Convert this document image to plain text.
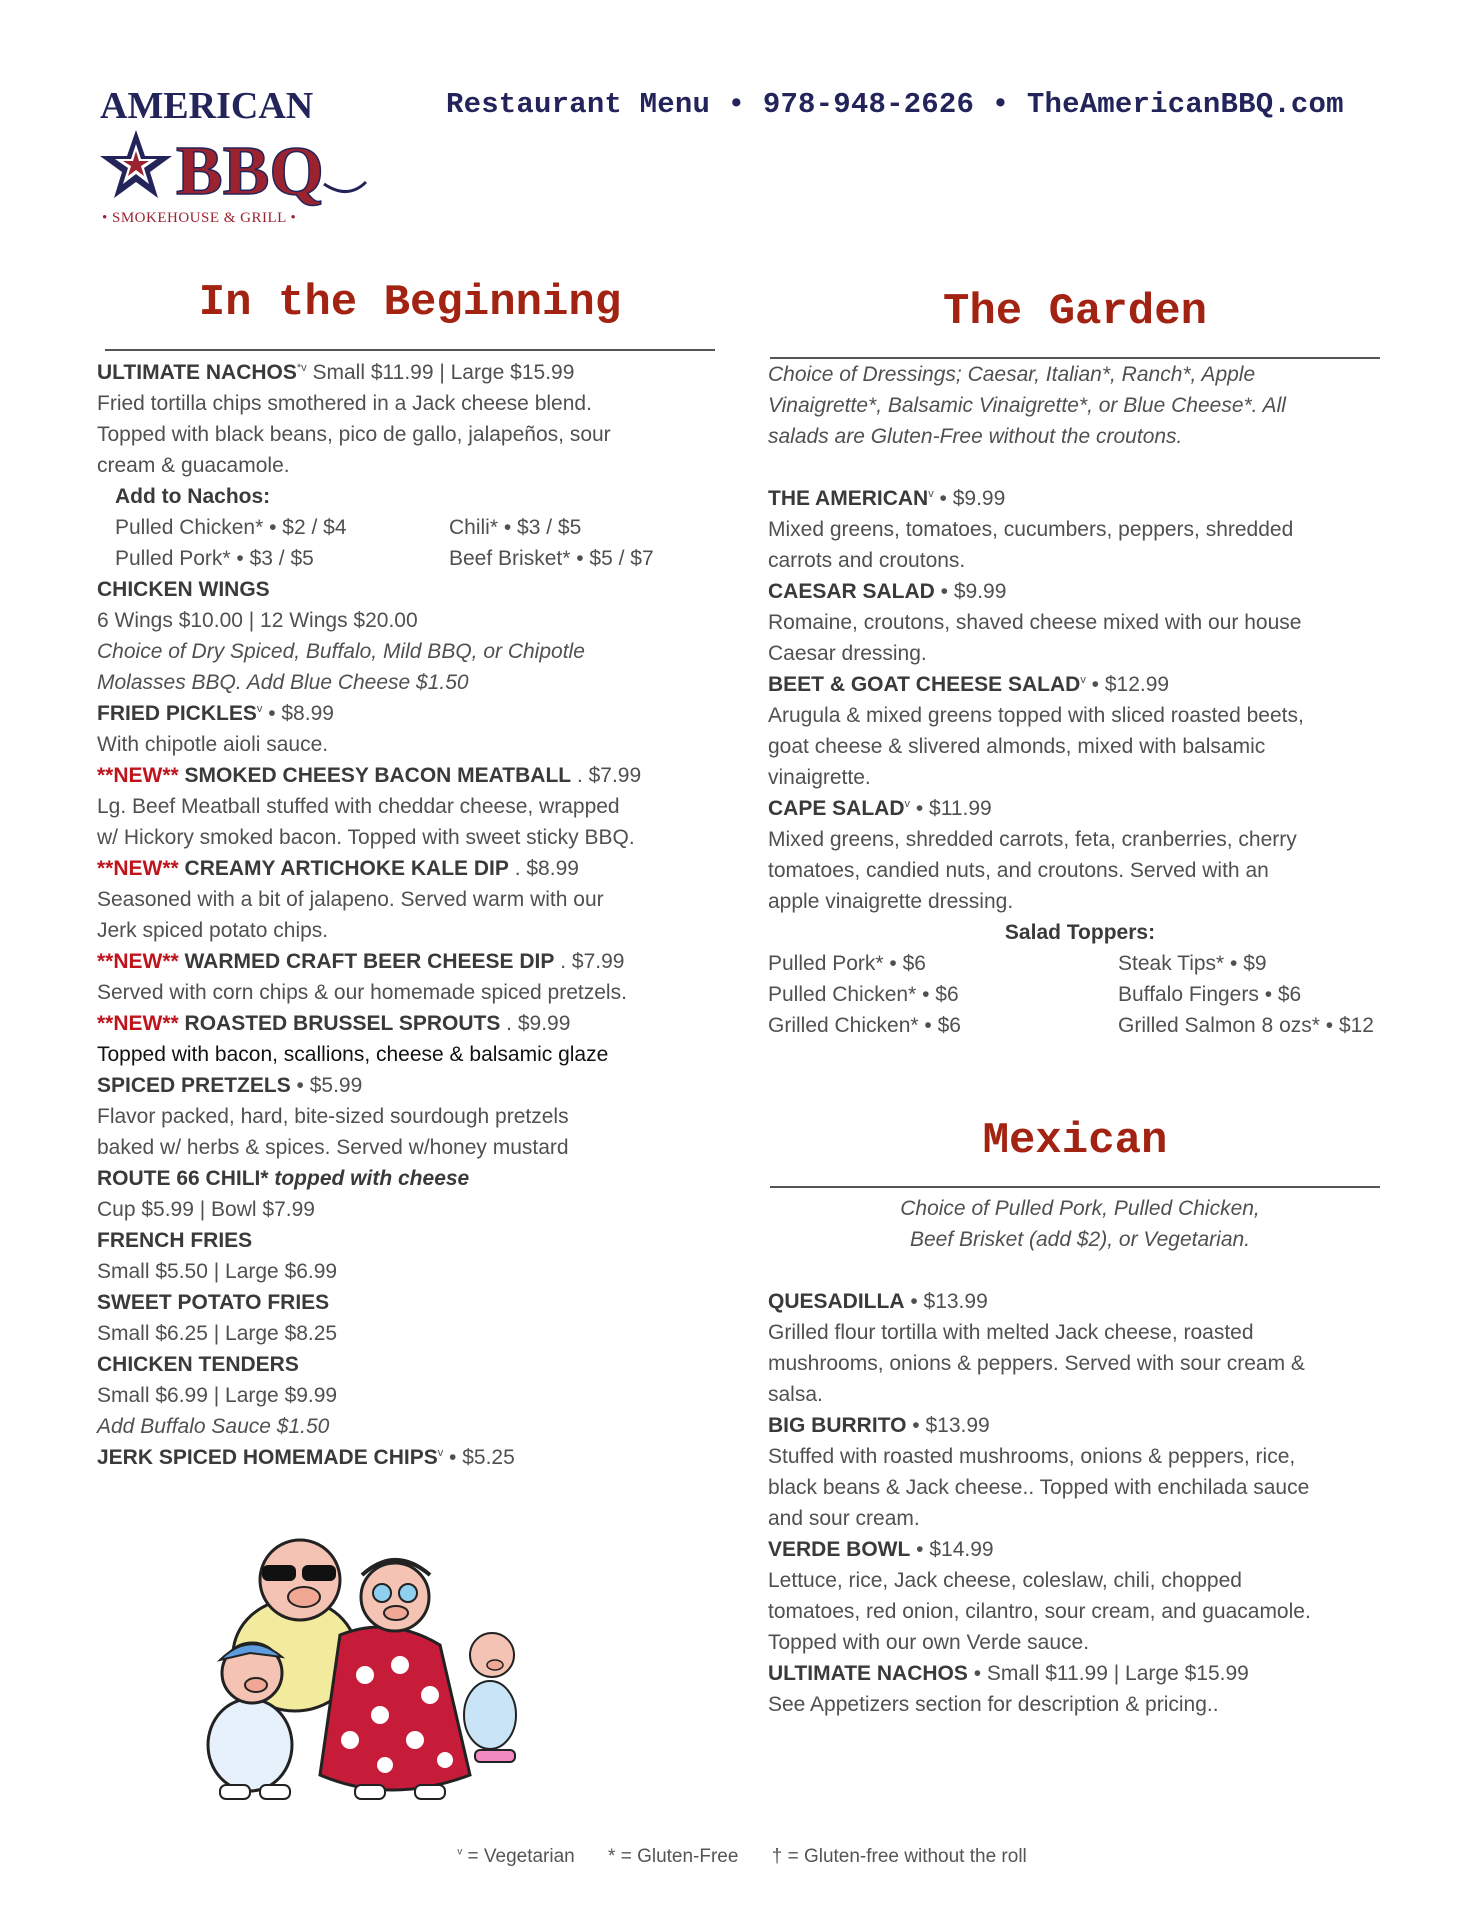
AMERICAN
BBQ
• SMOKEHOUSE & GRILL •
Restaurant Menu • 978-948-2626 • TheAmericanBBQ.com
In the Beginning

ULTIMATE NACHOS$^{*v}$ Small $11.99 | Large $15.99

Fried tortilla chips smothered in a Jack cheese blend.

Topped with black beans, pico de gallo, jalapeños, sour

cream & guacamole.

Add to Nachos:

Pulled Chicken* • $2 / $4	Chili* • $3 / $5
Pulled Pork* • $3 / $5	Beef Brisket* • $5 / $7

CHICKEN WINGS

6 Wings $10.00 | 12 Wings $20.00

Choice of Dry Spiced, Buffalo, Mild BBQ, or Chipotle

Molasses BBQ. Add Blue Cheese $1.50

FRIED PICKLES$^v$ • $8.99

With chipotle aioli sauce.

**NEW** SMOKED CHEESY BACON MEATBALL . $7.99

Lg. Beef Meatball stuffed with cheddar cheese, wrapped

w/ Hickory smoked bacon. Topped with sweet sticky BBQ.

**NEW** CREAMY ARTICHOKE KALE DIP . $8.99

Seasoned with a bit of jalapeno. Served warm with our

Jerk spiced potato chips.

**NEW** WARMED CRAFT BEER CHEESE DIP . $7.99

Served with corn chips & our homemade spiced pretzels.

**NEW** ROASTED BRUSSEL SPROUTS . $9.99

Topped with bacon, scallions, cheese & balsamic glaze

SPICED PRETZELS • $5.99

Flavor packed, hard, bite-sized sourdough pretzels

baked w/ herbs & spices. Served w/honey mustard

ROUTE 66 CHILI* topped with cheese

Cup $5.99 | Bowl $7.99

FRENCH FRIES

Small $5.50 | Large $6.99

SWEET POTATO FRIES

Small $6.25 | Large $8.25

CHICKEN TENDERS

Small $6.99 | Large $9.99

Add Buffalo Sauce $1.50

JERK SPICED HOMEMADE CHIPS$^v$ • $5.25

The Garden

Choice of Dressings; Caesar, Italian*, Ranch*, Apple

Vinaigrette*, Balsamic Vinaigrette*, or Blue Cheese*. All

salads are Gluten-Free without the croutons.

THE AMERICAN$^v$ • $9.99

Mixed greens, tomatoes, cucumbers, peppers, shredded

carrots and croutons.

CAESAR SALAD • $9.99

Romaine, croutons, shaved cheese mixed with our house

Caesar dressing.

BEET & GOAT CHEESE SALAD$^v$ • $12.99

Arugula & mixed greens topped with sliced roasted beets,

goat cheese & slivered almonds, mixed with balsamic

vinaigrette.

CAPE SALAD$^v$ • $11.99

Mixed greens, shredded carrots, feta, cranberries, cherry

tomatoes, candied nuts, and croutons. Served with an

apple vinaigrette dressing.

Salad Toppers:

Pulled Pork* • $6	Steak Tips* • $9
Pulled Chicken* • $6	Buffalo Fingers • $6
Grilled Chicken* • $6	Grilled Salmon 8 ozs* • $12
Mexican

Choice of Pulled Pork, Pulled Chicken,

Beef Brisket (add $2), or Vegetarian.

QUESADILLA • $13.99

Grilled flour tortilla with melted Jack cheese, roasted

mushrooms, onions & peppers. Served with sour cream &

salsa.

BIG BURRITO • $13.99

Stuffed with roasted mushrooms, onions & peppers, rice,

black beans & Jack cheese.. Topped with enchilada sauce

and sour cream.

VERDE BOWL • $14.99

Lettuce, rice, Jack cheese, coleslaw, chili, chopped

tomatoes, red onion, cilantro, sour cream, and guacamole.

Topped with our own Verde sauce.

ULTIMATE NACHOS • Small $11.99 | Large $15.99

See Appetizers section for description & pricing..

$^v$ = Vegetarian * = Gluten-Free † = Gluten-free without the roll
